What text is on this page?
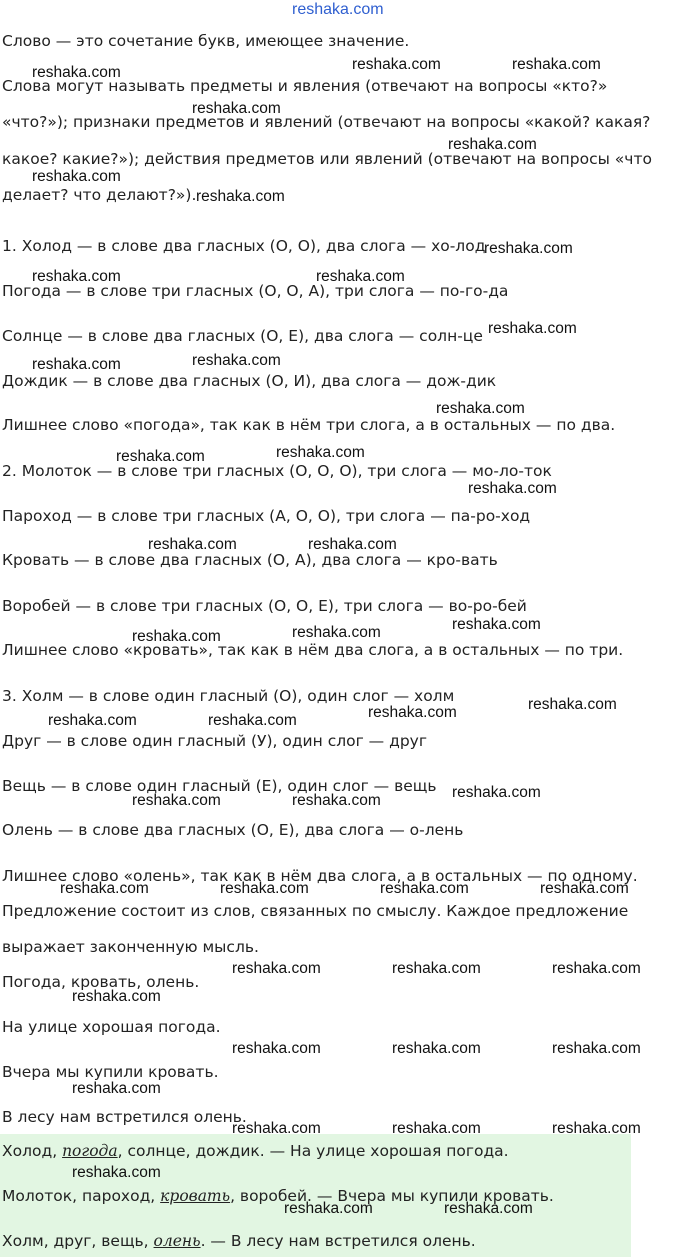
reshaka.com
Слово — это сочетание букв, имеющее значение.
Слова могут называть предметы и явления (отвечают на вопросы «кто?»
«что?»); признаки предметов и явлений (отвечают на вопросы «какой? какая?
какое? какие?»); действия предметов или явлений (отвечают на вопросы «что
делает? что делают?»).
1. Холод — в слове два гласных (О, О), два слога — хо-лод
Погода — в слове три гласных (О, О, А), три слога — по-го-да
Солнце — в слове два гласных (О, Е), два слога — солн-це
Дождик — в слове два гласных (О, И), два слога — дож-дик
Лишнее слово «погода», так как в нём три слога, а в остальных — по два.
2. Молоток — в слове три гласных (О, О, О), три слога — мо-ло-ток
Пароход — в слове три гласных (А, О, О), три слога — па-ро-ход
Кровать — в слове два гласных (О, А), два слога — кро-вать
Воробей — в слове три гласных (О, О, Е), три слога — во-ро-бей
Лишнее слово «кровать», так как в нём два слога, а в остальных — по три.
3. Холм — в слове один гласный (О), один слог — холм
Друг — в слове один гласный (У), один слог — друг
Вещь — в слове один гласный (Е), один слог — вещь
Олень — в слове два гласных (О, Е), два слога — о-лень
Лишнее слово «олень», так как в нём два слога, а в остальных — по одному.
Предложение состоит из слов, связанных по смыслу. Каждое предложение
выражает законченную мысль.
Погода, кровать, олень.
На улице хорошая погода.
Вчера мы купили кровать.
В лесу нам встретился олень.
Холод, погода, солнце, дождик. — На улице хорошая погода.
Молоток, пароход, кровать, воробей. — Вчера мы купили кровать.
Холм, друг, вещь, олень. — В лесу нам встретился олень.
reshaka.com	reshaka.com
reshaka.com
reshaka.com
reshaka.com
reshaka.com
reshaka.com
reshaka.com
reshaka.com	reshaka.com
reshaka.com
reshaka.com
reshaka.com
reshaka.com
reshaka.com	reshaka.com
reshaka.com
reshaka.com	reshaka.com
reshaka.com
reshaka.com
reshaka.com
reshaka.com
reshaka.com
reshaka.com	reshaka.com
reshaka.com
reshaka.com	reshaka.com
reshaka.com	reshaka.com	reshaka.com	reshaka.com
reshaka.com	reshaka.com	reshaka.com
reshaka.com
reshaka.com	reshaka.com	reshaka.com
reshaka.com
reshaka.com	reshaka.com	reshaka.com
reshaka.com
reshaka.com	reshaka.com
